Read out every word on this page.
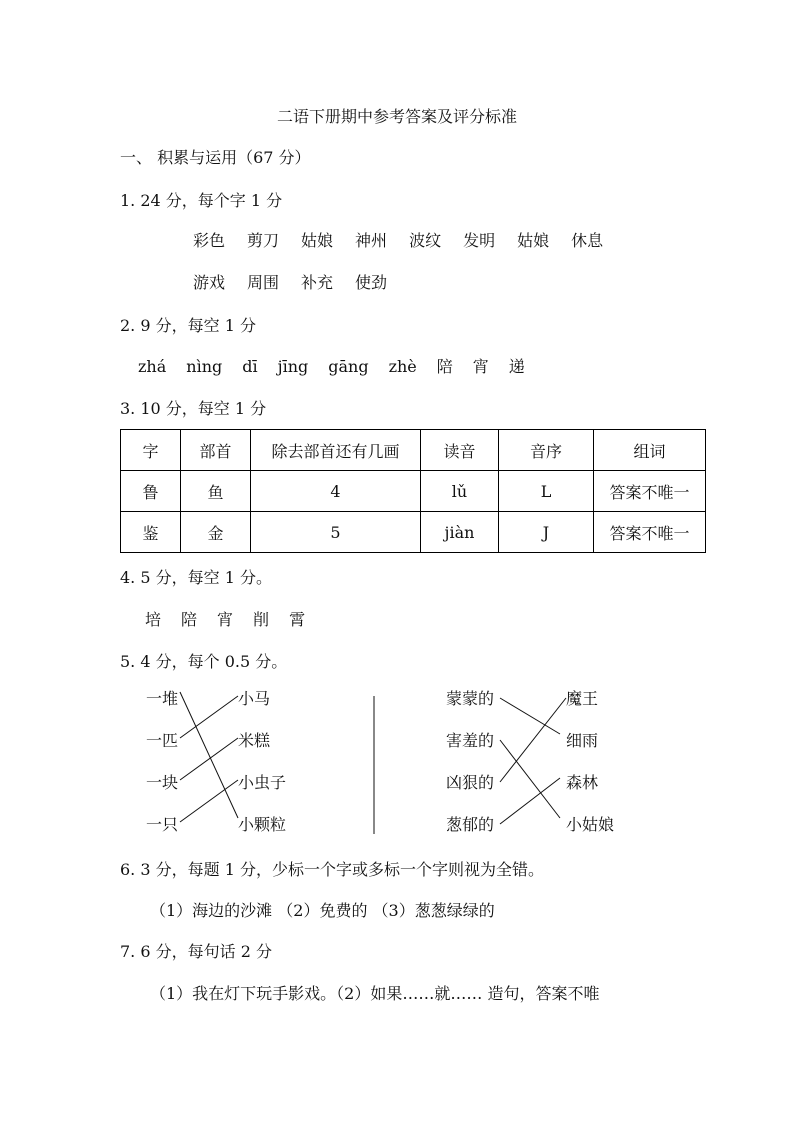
二语下册期中参考答案及评分标准
一、 积累与运用（67 分）
1. 24 分，每个字 1 分
彩色 剪刀 姑娘 神州 波纹 发明 姑娘 休息
游戏 周围 补充 使劲
2. 9 分，每空 1 分
zhá nìng dī jīng gāng zhè 陪 宵 递
3. 10 分，每空 1 分
字	部首	除去部首还有几画	读音	音序	组词
鲁	鱼	4	lǔ	L	答案不唯一
鉴	金	5	jiàn	J	答案不唯一
4. 5 分，每空 1 分。
培 陪 宵 削 霄
5. 4 分，每个 0.5 分。
一堆
一匹
一块
一只
小马
米糕
小虫子
小颗粒
蒙蒙的
害羞的
凶狠的
葱郁的
魔王
细雨
森林
小姑娘
6. 3 分，每题 1 分，少标一个字或多标一个字则视为全错。
（1）海边的沙滩 （2）免费的 （3）葱葱绿绿的
7. 6 分，每句话 2 分
（1）我在灯下玩手影戏。（2）如果……就…… 造句，答案不唯
